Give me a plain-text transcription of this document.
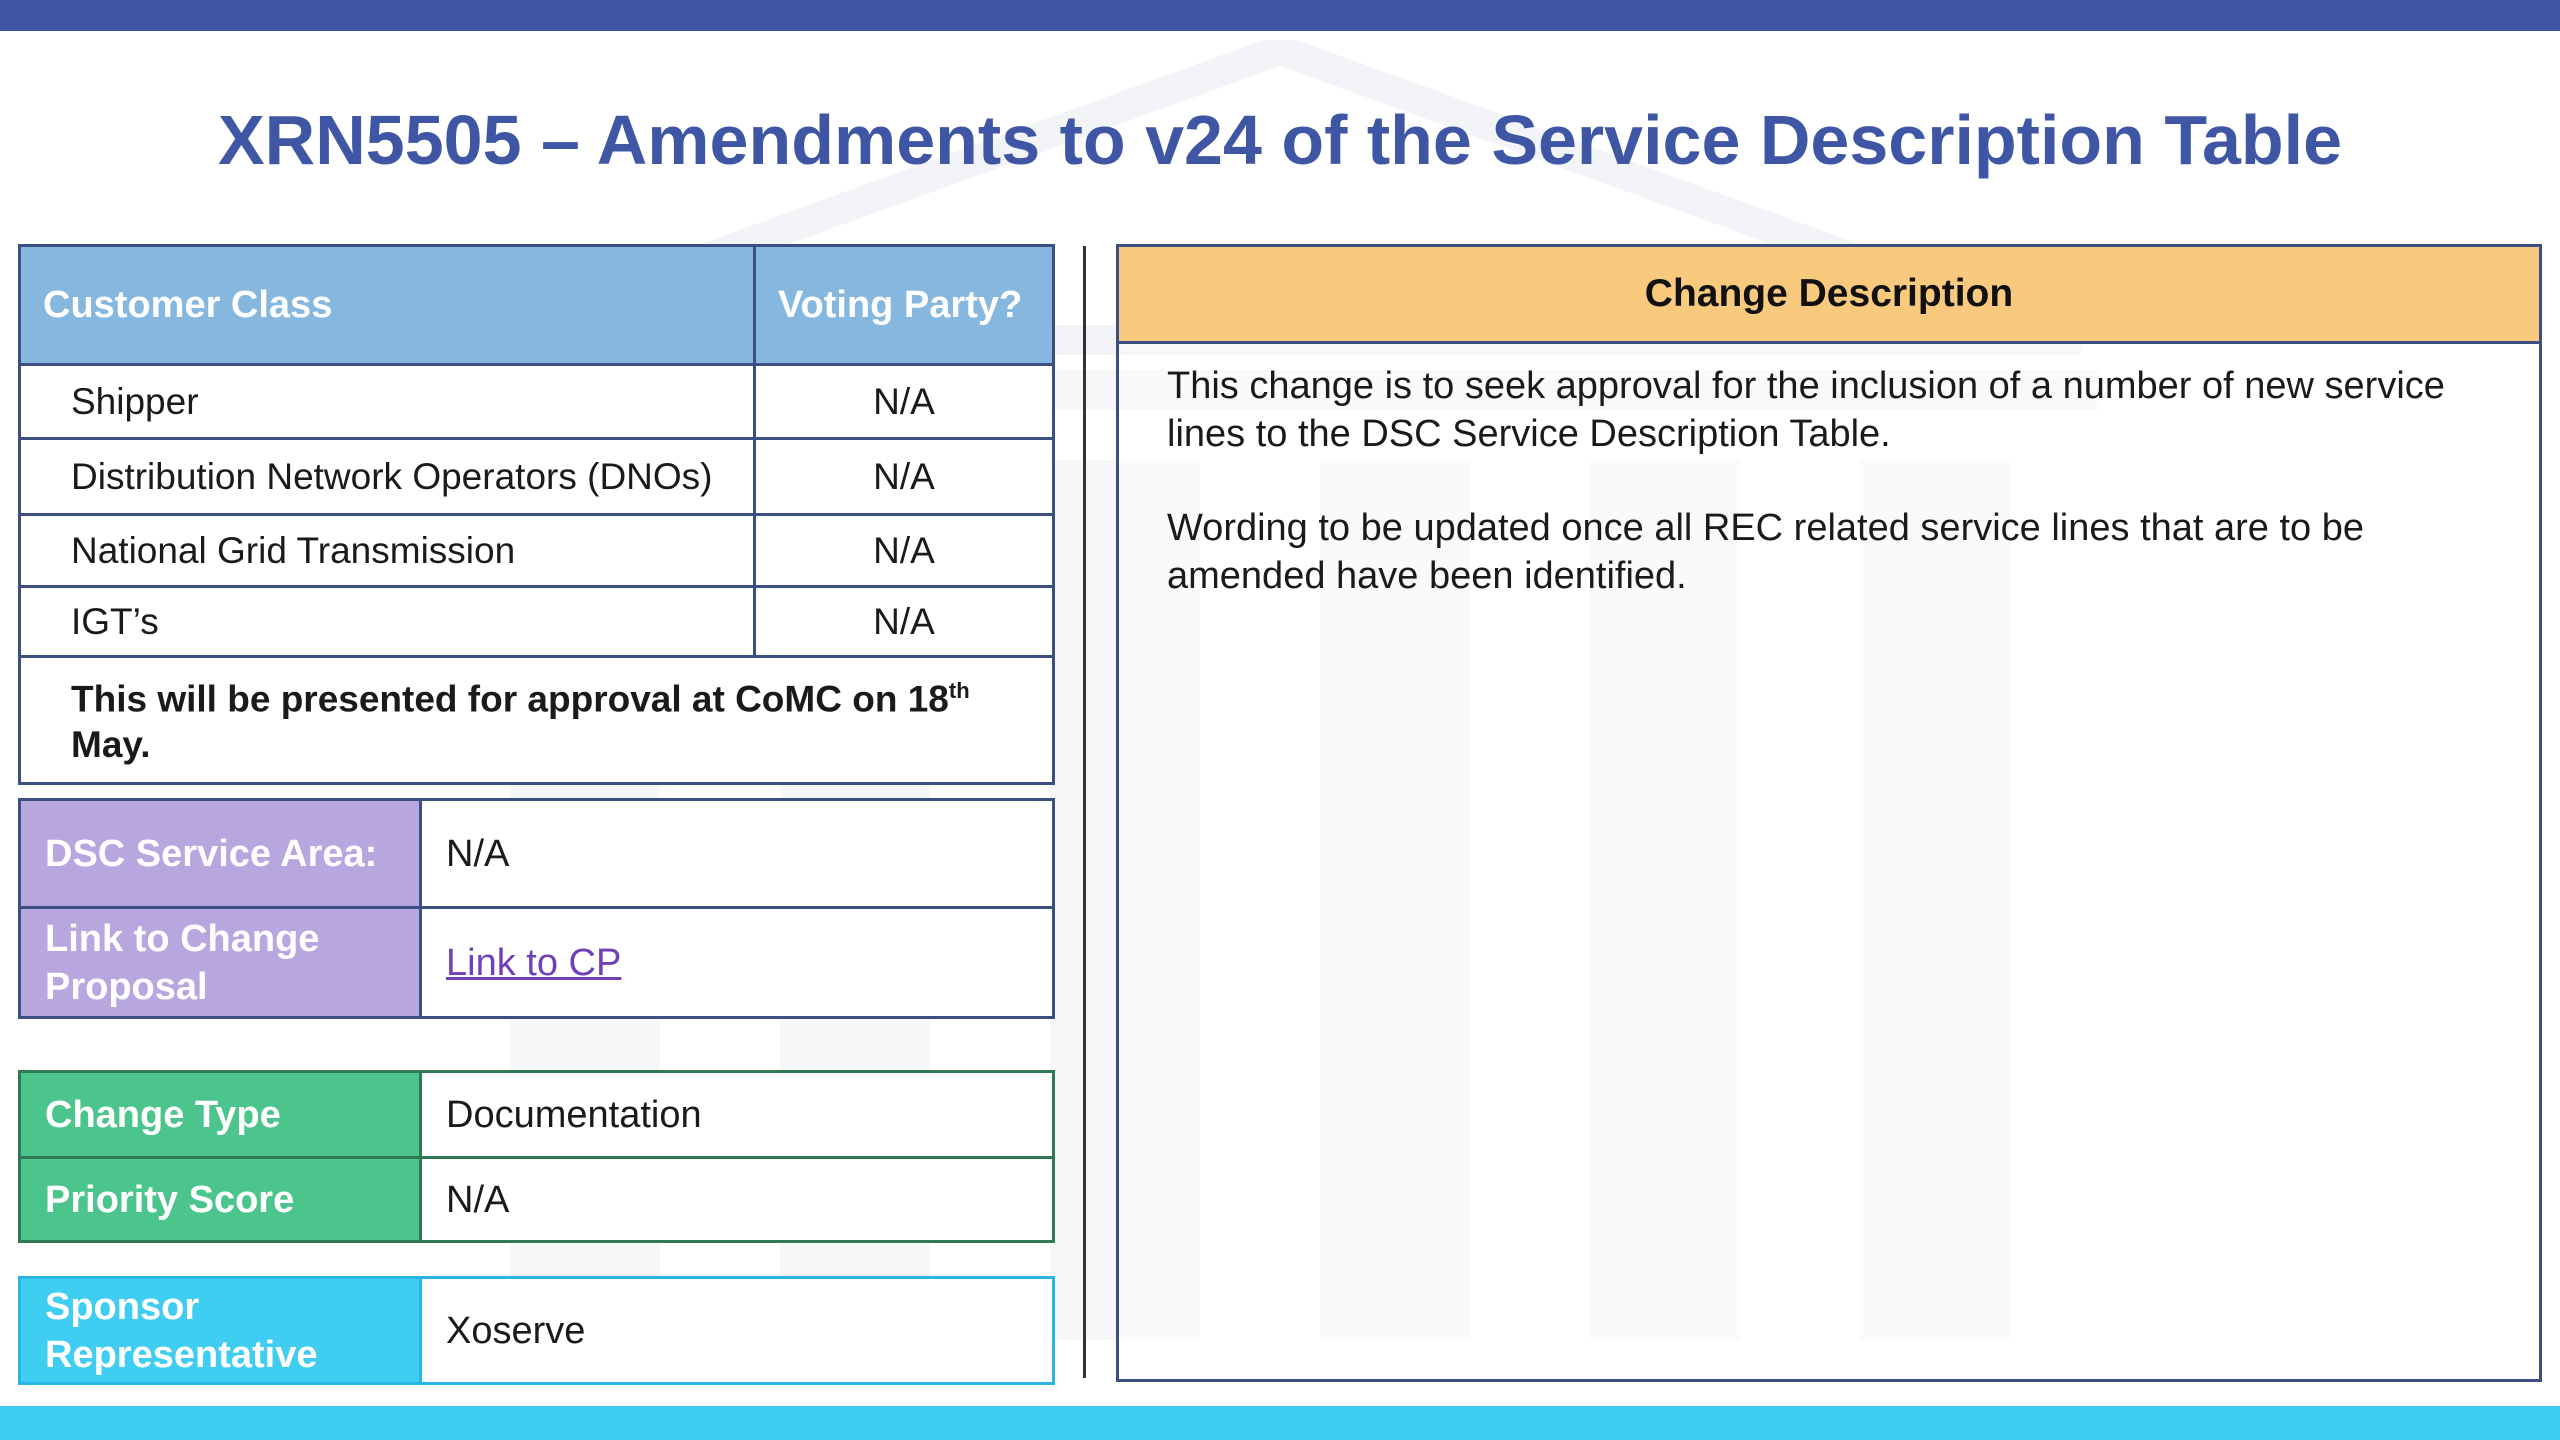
XRN5505 – Amendments to v24 of the Service Description Table
Customer Class	Voting Party?
Shipper	N/A
Distribution Network Operators (DNOs)	N/A
National Grid Transmission	N/A
IGT’s	N/A
This will be presented for approval at CoMC on 18th May.	
DSC Service Area:	N/A
Link to Change Proposal	Link to CP
Change Type	Documentation
Priority Score	N/A
Sponsor Representative	Xoserve
Change Description

This change is to seek approval for the inclusion of a number of new service lines to the DSC Service Description Table.

Wording to be updated once all REC related service lines that are to be amended have been identified.
